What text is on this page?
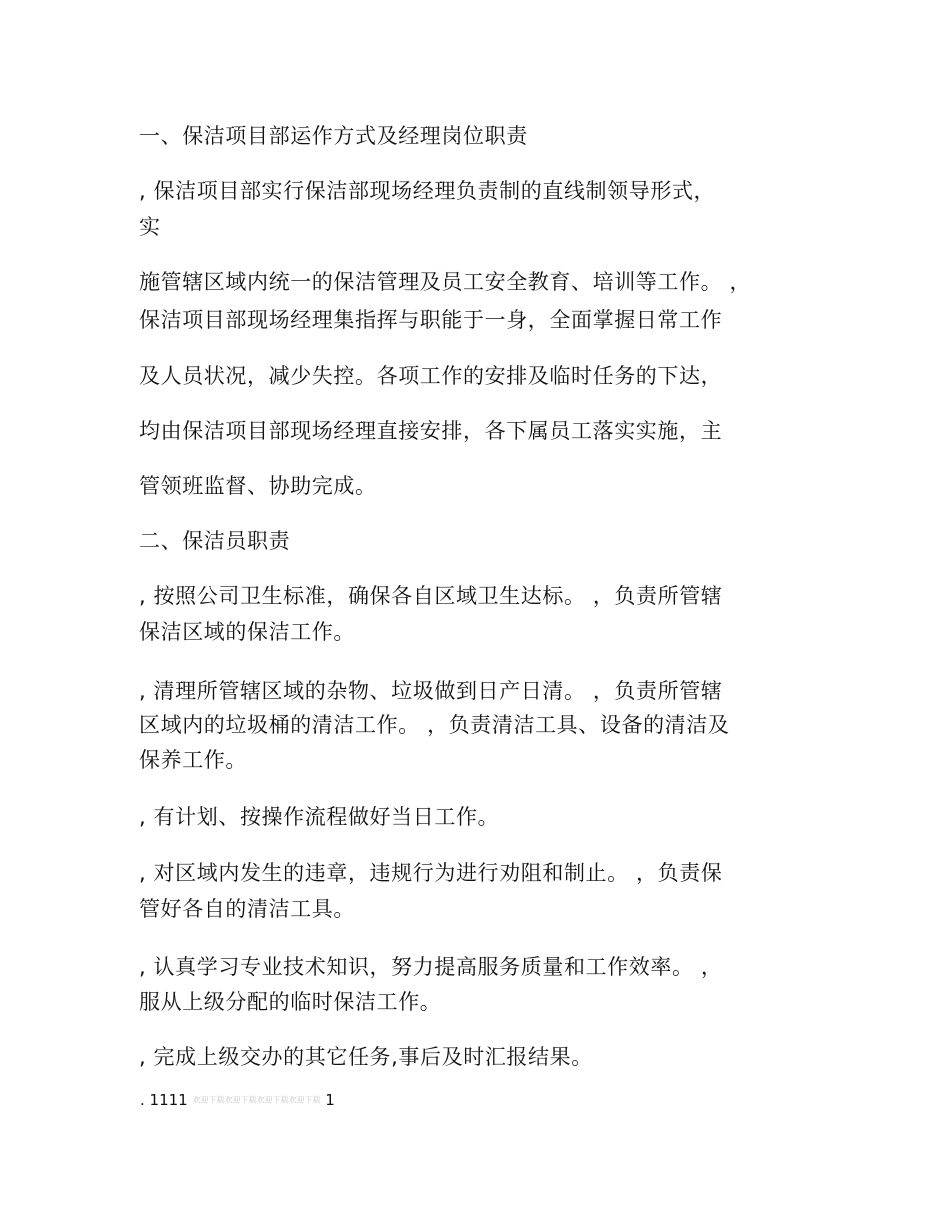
一、保洁项目部运作方式及经理岗位职责
, 保洁项目部实行保洁部现场经理负责制的直线制领导形式，
实
施管辖区域内统一的保洁管理及员工安全教育、培训等工作。 ，
保洁项目部现场经理集指挥与职能于一身，全面掌握日常工作
及人员状况，减少失控。各项工作的安排及临时任务的下达，
均由保洁项目部现场经理直接安排，各下属员工落实实施，主
管领班监督、协助完成。
二、保洁员职责
, 按照公司卫生标准，确保各自区域卫生达标。 ，负责所管辖
保洁区域的保洁工作。
, 清理所管辖区域的杂物、垃圾做到日产日清。 ，负责所管辖
区域内的垃圾桶的清洁工作。 ，负责清洁工具、设备的清洁及
保养工作。
, 有计划、按操作流程做好当日工作。
, 对区域内发生的违章，违规行为进行劝阻和制止。 ，负责保
管好各自的清洁工具。
, 认真学习专业技术知识，努力提高服务质量和工作效率。 ，
服从上级分配的临时保洁工作。
, 完成上级交办的其它任务,事后及时汇报结果。
. 1111 欢迎下载欢迎下载欢迎下载欢迎下载 1
